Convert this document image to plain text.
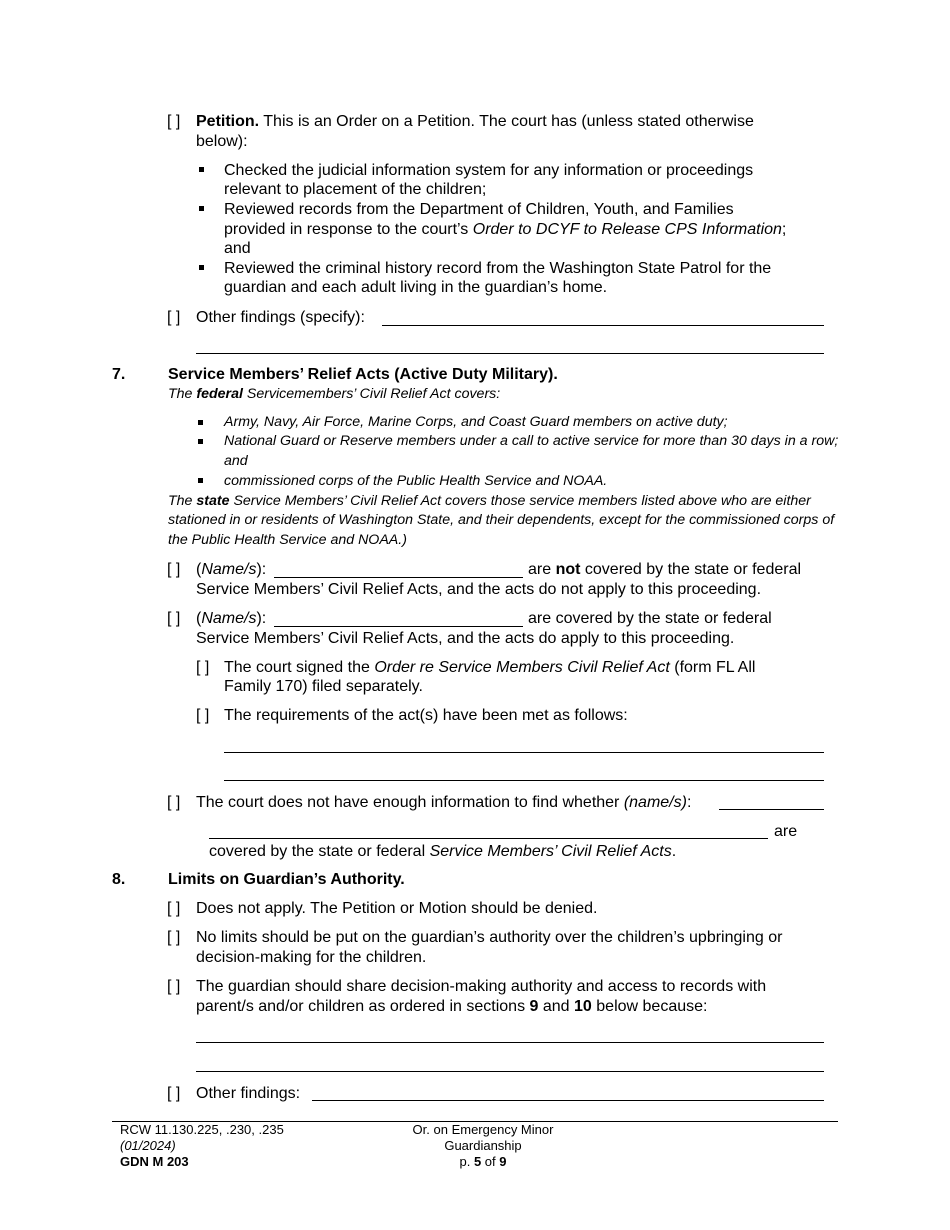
[ ] Petition. This is an Order on a Petition. The court has (unless stated otherwise
below):
Checked the judicial information system for any information or proceedings
relevant to placement of the children;
Reviewed records from the Department of Children, Youth, and Families
provided in response to the court’s Order to DCYF to Release CPS Information;
and
Reviewed the criminal history record from the Washington State Patrol for the
guardian and each adult living in the guardian’s home.
[ ] Other findings (specify):
7.	Service Members’ Relief Acts (Active Duty Military).
The federal Servicemembers’ Civil Relief Act covers:
Army, Navy, Air Force, Marine Corps, and Coast Guard members on active duty;
National Guard or Reserve members under a call to active service for more than 30 days in a row;
and
commissioned corps of the Public Health Service and NOAA.
The state Service Members’ Civil Relief Act covers those service members listed above who are either
stationed in or residents of Washington State, and their dependents, except for the commissioned corps of
the Public Health Service and NOAA.)
[ ] (Name/s):	are not covered by the state or federal
Service Members’ Civil Relief Acts, and the acts do not apply to this proceeding.
[ ] (Name/s):	are covered by the state or federal
Service Members’ Civil Relief Acts, and the acts do apply to this proceeding.
[ ] The court signed the Order re Service Members Civil Relief Act (form FL All
Family 170) filed separately.
[ ] The requirements of the act(s) have been met as follows:
[ ] The court does not have enough information to find whether (name/s):
are
covered by the state or federal Service Members’ Civil Relief Acts.
8.	Limits on Guardian’s Authority.
[ ] Does not apply. The Petition or Motion should be denied.
[ ] No limits should be put on the guardian’s authority over the children’s upbringing or
decision-making for the children.
[ ] The guardian should share decision-making authority and access to records with
parent/s and/or children as ordered in sections 9 and 10 below because:
[ ] Other findings:
RCW 11.130.225, .230, .235
(01/2024)
GDN M 203
Or. on Emergency Minor
Guardianship
p. 5 of 9
